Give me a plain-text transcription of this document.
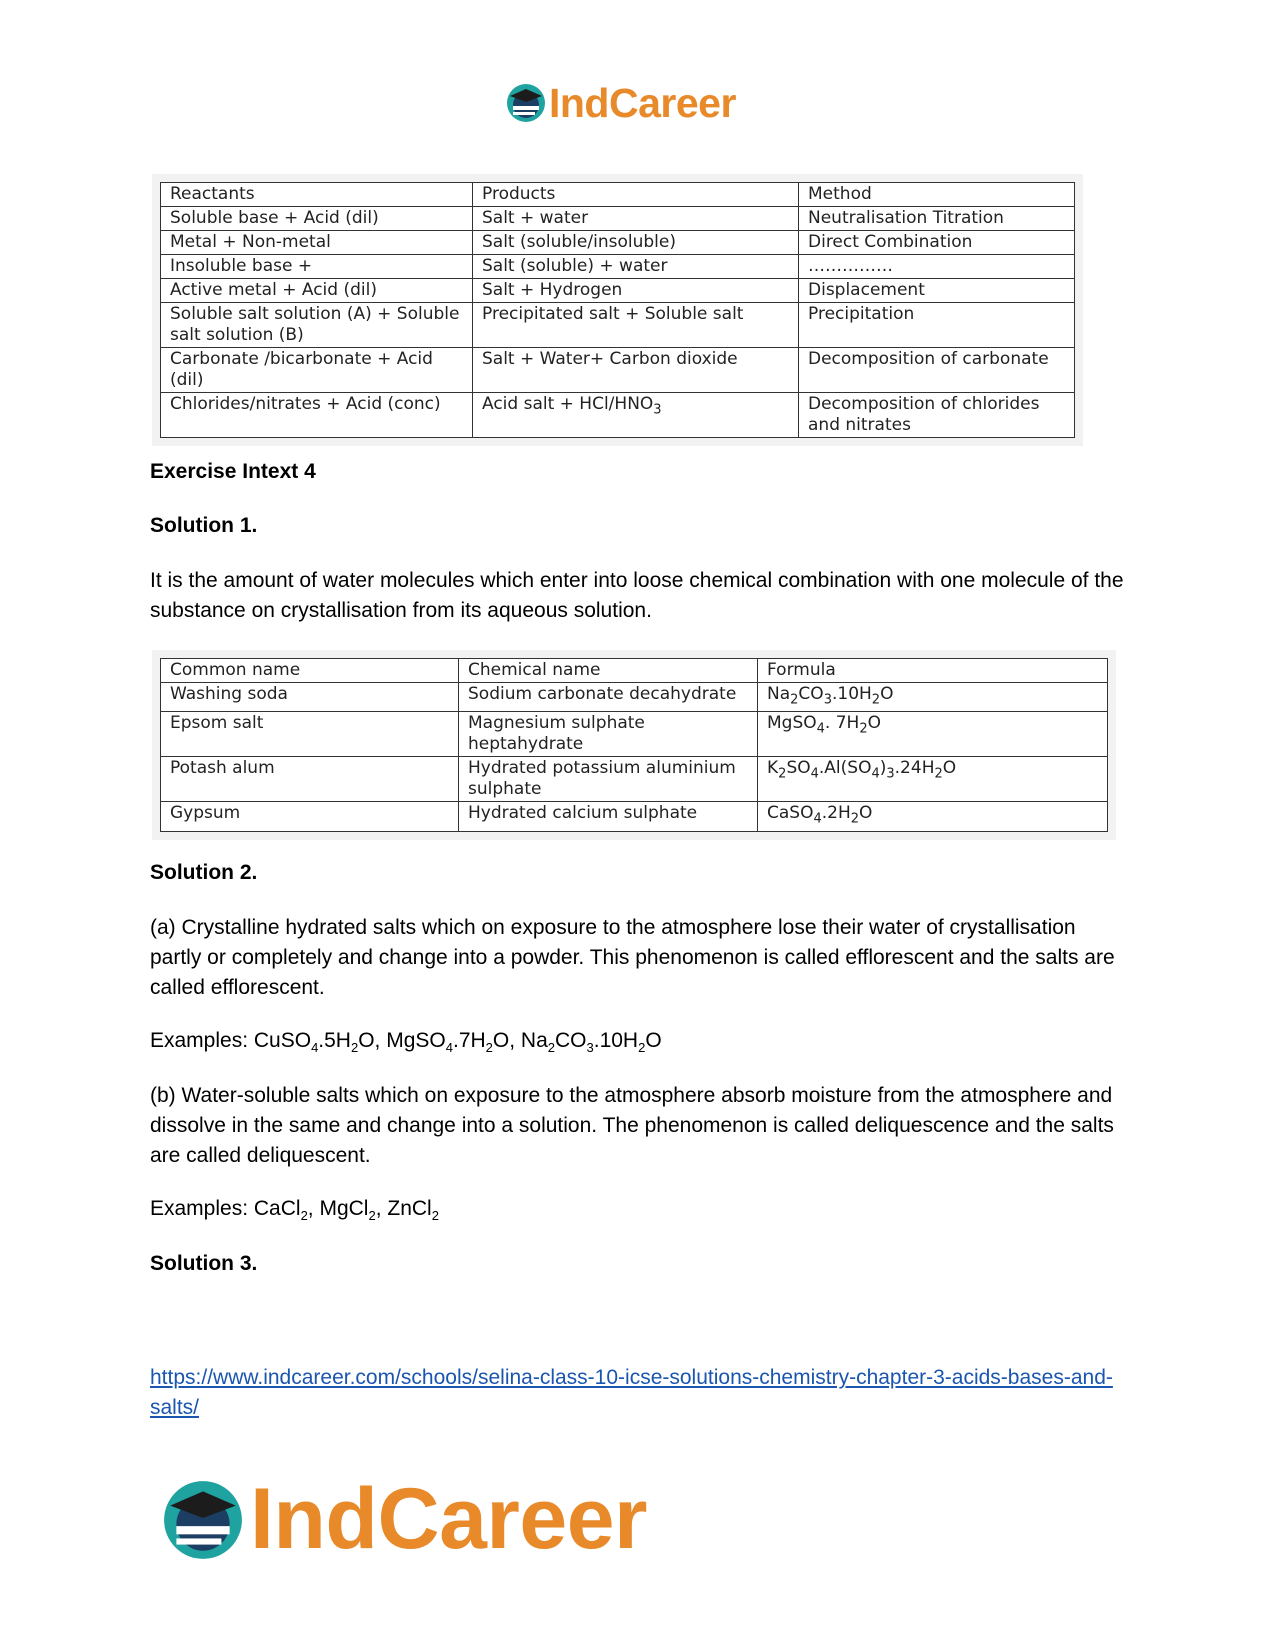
IndCareer
Reactants	Products	Method
Soluble base + Acid (dil)	Salt + water	Neutralisation Titration
Metal + Non-metal	Salt (soluble/insoluble)	Direct Combination
Insoluble base +	Salt (soluble) + water	……………
Active metal + Acid (dil)	Salt + Hydrogen	Displacement
Soluble salt solution (A) + Soluble salt solution (B)	Precipitated salt + Soluble salt	Precipitation
Carbonate /bicarbonate + Acid (dil)	Salt + Water+ Carbon dioxide	Decomposition of carbonate
Chlorides/nitrates + Acid (conc)	Acid salt + HCl/$HNO_3$	Decomposition of chlorides and nitrates
Exercise Intext 4
Solution 1.
It is the amount of water molecules which enter into loose chemical combination with one molecule of the substance on crystallisation from its aqueous solution.
Common name	Chemical name	Formula
Washing soda	Sodium carbonate decahydrate	$Na_2CO_3.10H_2O$
Epsom salt	Magnesium sulphate heptahydrate	MgSO$_4$. $7H_2O$
Potash alum	Hydrated potassium aluminium sulphate	$K_2SO_4.Al(SO_4)_3.24H_2O$
Gypsum	Hydrated calcium sulphate	$CaSO_4.2H_2O$
Solution 2.
(a) Crystalline hydrated salts which on exposure to the atmosphere lose their water of crystallisation partly or completely and change into a powder. This phenomenon is called efflorescent and the salts are called efflorescent.
Examples: $CuSO_4.5H_2O$, $MgSO_4.7H_2O$, $Na_2CO_3.10H_2O$
(b) Water-soluble salts which on exposure to the atmosphere absorb moisture from the atmosphere and dissolve in the same and change into a solution. The phenomenon is called deliquescence and the salts are called deliquescent.
Examples: CaCl$_2$, MgCl$_2$, ZnCl$_2$
Solution 3.
https://www.indcareer.com/schools/selina-class-10-icse-solutions-chemistry-chapter-3-acids-bases-and-salts/
IndCareer
